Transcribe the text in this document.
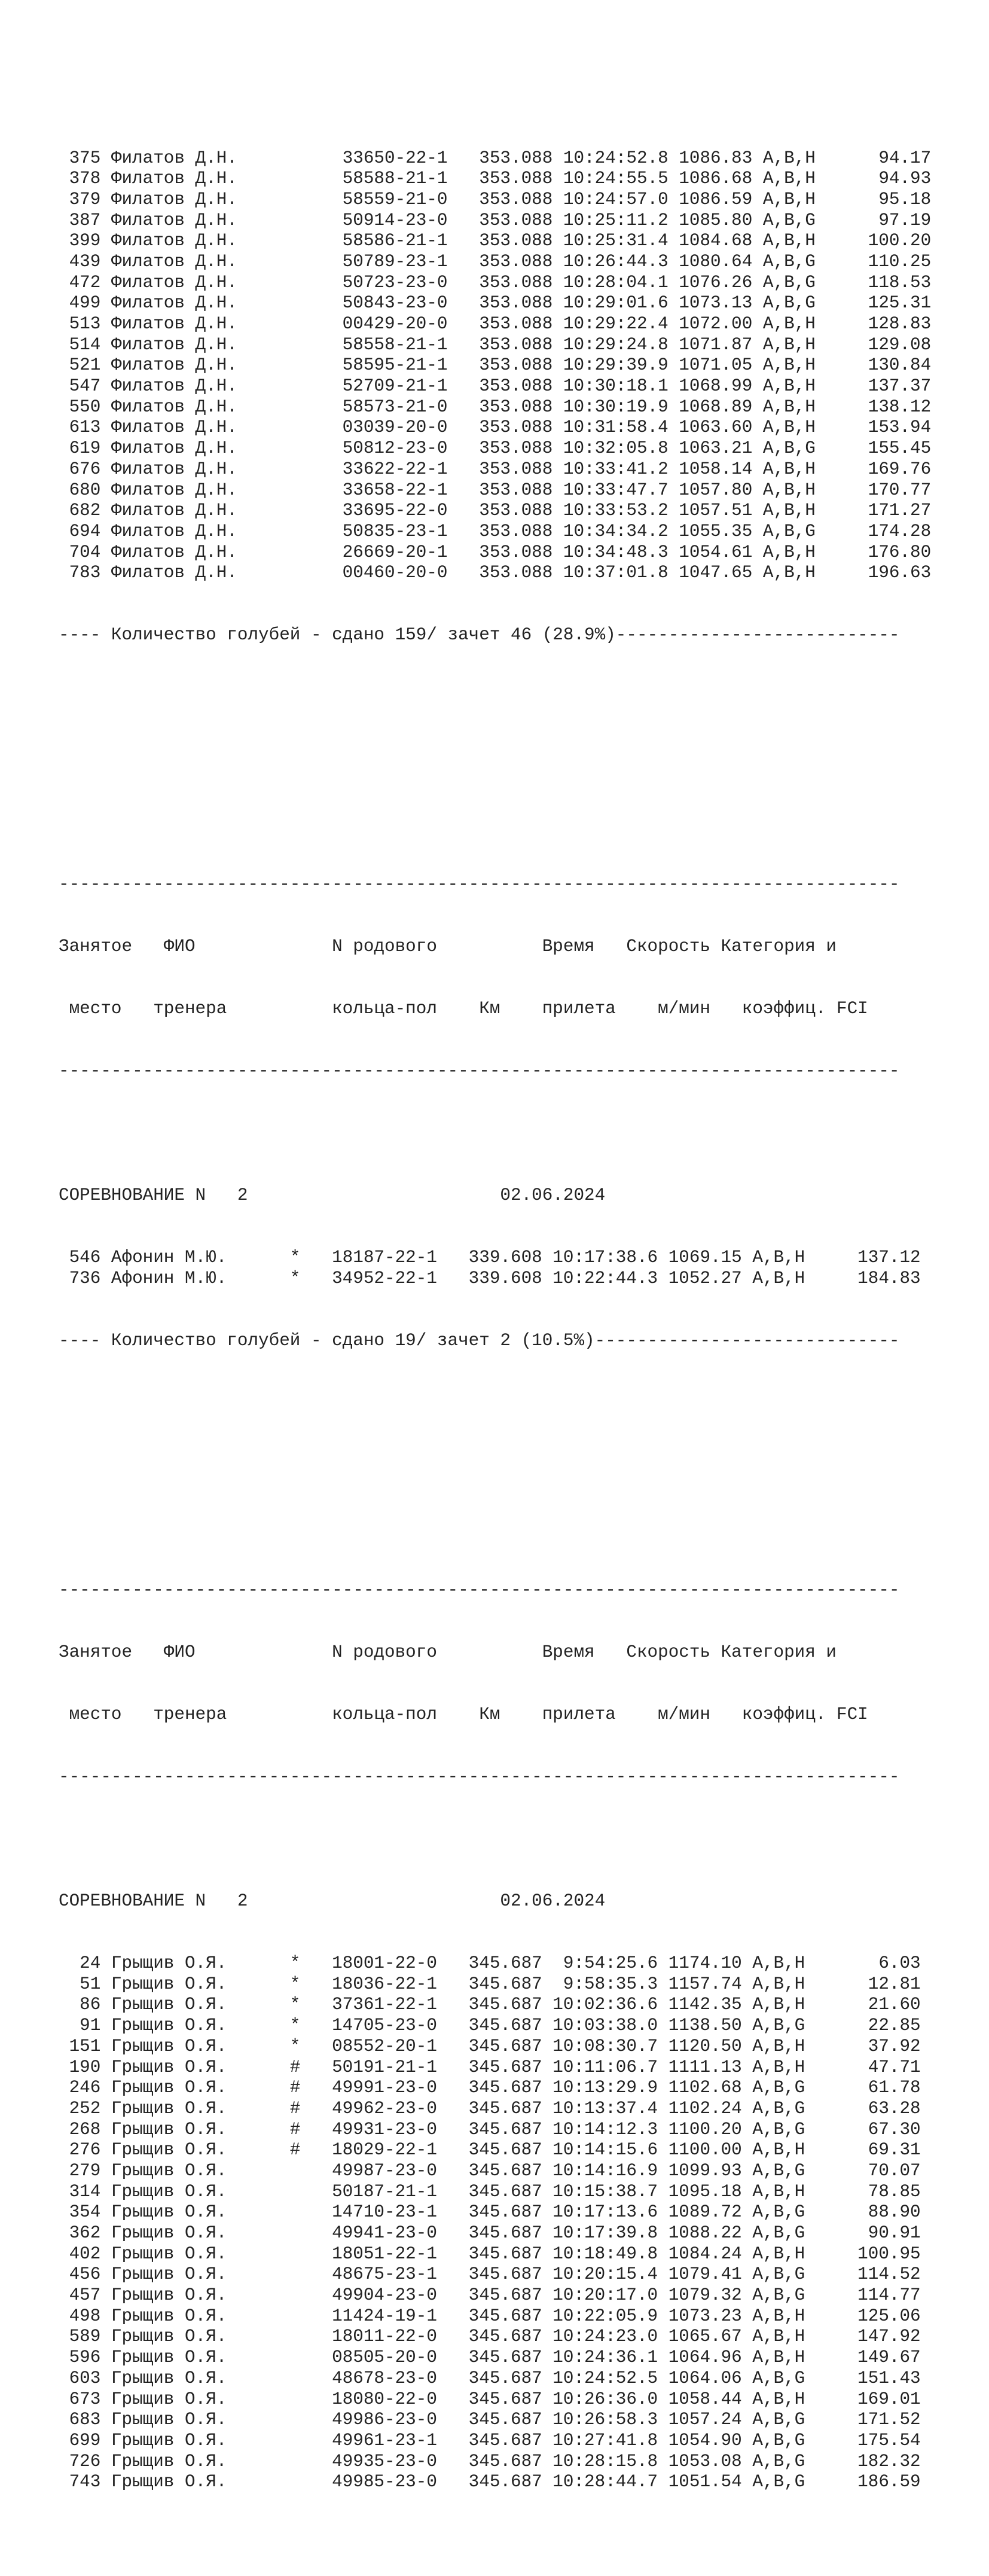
375 Филатов Д.Н.          33650-22-1   353.088 10:24:52.8 1086.83 A,B,H      94.17
378 Филатов Д.Н.          58588-21-1   353.088 10:24:55.5 1086.68 A,B,H      94.93
379 Филатов Д.Н.          58559-21-0   353.088 10:24:57.0 1086.59 A,B,H      95.18
387 Филатов Д.Н.          50914-23-0   353.088 10:25:11.2 1085.80 A,B,G      97.19
399 Филатов Д.Н.          58586-21-1   353.088 10:25:31.4 1084.68 A,B,H     100.20
439 Филатов Д.Н.          50789-23-1   353.088 10:26:44.3 1080.64 A,B,G     110.25
472 Филатов Д.Н.          50723-23-0   353.088 10:28:04.1 1076.26 A,B,G     118.53
499 Филатов Д.Н.          50843-23-0   353.088 10:29:01.6 1073.13 A,B,G     125.31
513 Филатов Д.Н.          00429-20-0   353.088 10:29:22.4 1072.00 A,B,H     128.83
514 Филатов Д.Н.          58558-21-1   353.088 10:29:24.8 1071.87 A,B,H     129.08
521 Филатов Д.Н.          58595-21-1   353.088 10:29:39.9 1071.05 A,B,H     130.84
547 Филатов Д.Н.          52709-21-1   353.088 10:30:18.1 1068.99 A,B,H     137.37
550 Филатов Д.Н.          58573-21-0   353.088 10:30:19.9 1068.89 A,B,H     138.12
613 Филатов Д.Н.          03039-20-0   353.088 10:31:58.4 1063.60 A,B,H     153.94
619 Филатов Д.Н.          50812-23-0   353.088 10:32:05.8 1063.21 A,B,G     155.45
676 Филатов Д.Н.          33622-22-1   353.088 10:33:41.2 1058.14 A,B,H     169.76
680 Филатов Д.Н.          33658-22-1   353.088 10:33:47.7 1057.80 A,B,H     170.77
682 Филатов Д.Н.          33695-22-0   353.088 10:33:53.2 1057.51 A,B,H     171.27
694 Филатов Д.Н.          50835-23-1   353.088 10:34:34.2 1055.35 A,B,G     174.28
704 Филатов Д.Н.          26669-20-1   353.088 10:34:48.3 1054.61 A,B,H     176.80
783 Филатов Д.Н.          00460-20-0   353.088 10:37:01.8 1047.65 A,B,H     196.63

---- Количество голубей - сдано 159/ зачет 46 (28.9%)---------------------------

--------------------------------------------------------------------------------

Занятое   ФИО             N родового          Время   Скорость Категория и

место   тренера          кольца-пол    Км    прилета    м/мин   коэффиц. FCI

--------------------------------------------------------------------------------

СОРЕВНОВАНИЕ N   2                        02.06.2024

546 Афонин М.Ю.      *   18187-22-1   339.608 10:17:38.6 1069.15 A,B,H     137.12
736 Афонин М.Ю.      *   34952-22-1   339.608 10:22:44.3 1052.27 A,B,H     184.83

---- Количество голубей - сдано 19/ зачет 2 (10.5%)-----------------------------

--------------------------------------------------------------------------------

Занятое   ФИО             N родового          Время   Скорость Категория и

место   тренера          кольца-пол    Км    прилета    м/мин   коэффиц. FCI

--------------------------------------------------------------------------------

СОРЕВНОВАНИЕ N   2                        02.06.2024

24 Грыщив О.Я.      *   18001-22-0   345.687  9:54:25.6 1174.10 A,B,H       6.03
51 Грыщив О.Я.      *   18036-22-1   345.687  9:58:35.3 1157.74 A,B,H      12.81
86 Грыщив О.Я.      *   37361-22-1   345.687 10:02:36.6 1142.35 A,B,H      21.60
91 Грыщив О.Я.      *   14705-23-0   345.687 10:03:38.0 1138.50 A,B,G      22.85
151 Грыщив О.Я.      *   08552-20-1   345.687 10:08:30.7 1120.50 A,B,H      37.92
190 Грыщив О.Я.      #   50191-21-1   345.687 10:11:06.7 1111.13 A,B,H      47.71
246 Грыщив О.Я.      #   49991-23-0   345.687 10:13:29.9 1102.68 A,B,G      61.78
252 Грыщив О.Я.      #   49962-23-0   345.687 10:13:37.4 1102.24 A,B,G      63.28
268 Грыщив О.Я.      #   49931-23-0   345.687 10:14:12.3 1100.20 A,B,G      67.30
276 Грыщив О.Я.      #   18029-22-1   345.687 10:14:15.6 1100.00 A,B,H      69.31
279 Грыщив О.Я.          49987-23-0   345.687 10:14:16.9 1099.93 A,B,G      70.07
314 Грыщив О.Я.          50187-21-1   345.687 10:15:38.7 1095.18 A,B,H      78.85
354 Грыщив О.Я.          14710-23-1   345.687 10:17:13.6 1089.72 A,B,G      88.90
362 Грыщив О.Я.          49941-23-0   345.687 10:17:39.8 1088.22 A,B,G      90.91
402 Грыщив О.Я.          18051-22-1   345.687 10:18:49.8 1084.24 A,B,H     100.95
456 Грыщив О.Я.          48675-23-1   345.687 10:20:15.4 1079.41 A,B,G     114.52
457 Грыщив О.Я.          49904-23-0   345.687 10:20:17.0 1079.32 A,B,G     114.77
498 Грыщив О.Я.          11424-19-1   345.687 10:22:05.9 1073.23 A,B,H     125.06
589 Грыщив О.Я.          18011-22-0   345.687 10:24:23.0 1065.67 A,B,H     147.92
596 Грыщив О.Я.          08505-20-0   345.687 10:24:36.1 1064.96 A,B,H     149.67
603 Грыщив О.Я.          48678-23-0   345.687 10:24:52.5 1064.06 A,B,G     151.43
673 Грыщив О.Я.          18080-22-0   345.687 10:26:36.0 1058.44 A,B,H     169.01
683 Грыщив О.Я.          49986-23-0   345.687 10:26:58.3 1057.24 A,B,G     171.52
699 Грыщив О.Я.          49961-23-1   345.687 10:27:41.8 1054.90 A,B,G     175.54
726 Грыщив О.Я.          49935-23-0   345.687 10:28:15.8 1053.08 A,B,G     182.32
743 Грыщив О.Я.          49985-23-0   345.687 10:28:44.7 1051.54 A,B,G     186.59
